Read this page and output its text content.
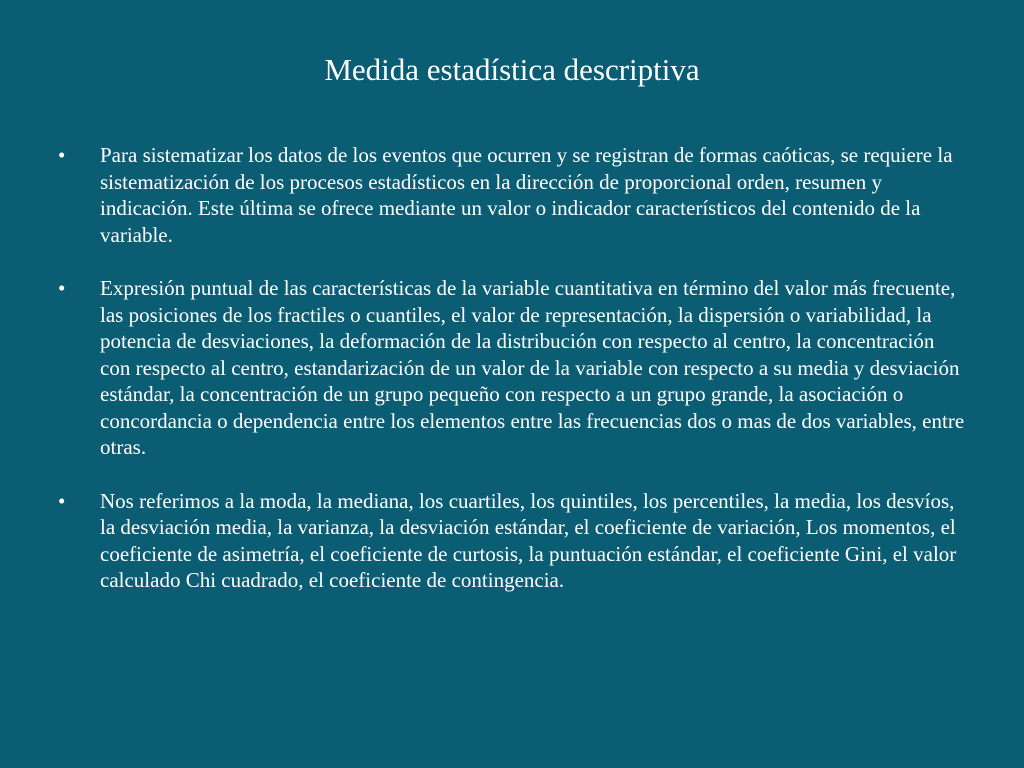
Medida estadística descriptiva
•	Para sistematizar los datos de los eventos que ocurren y se registran de formas caóticas, se requiere la sistematización de los procesos estadísticos en la dirección de proporcional orden, resumen y indicación. Este última se ofrece mediante un valor o indicador característicos del contenido de la variable.
•	Expresión puntual de las características de la variable cuantitativa en término del valor más frecuente, las posiciones de los fractiles o cuantiles, el valor de representación, la dispersión o variabilidad, la potencia de desviaciones, la deformación de la distribución con respecto al centro, la concentración con respecto al centro, estandarización de un valor de la variable con respecto a su media y desviación estándar, la concentración de un grupo pequeño con respecto a un grupo grande, la asociación o concordancia o dependencia entre los elementos entre las frecuencias dos o mas de dos variables, entre otras.
•	Nos referimos a la moda, la mediana, los cuartiles, los quintiles, los percentiles, la media, los desvíos, la desviación media, la varianza, la desviación estándar, el coeficiente de variación, Los momentos, el coeficiente de asimetría, el coeficiente de curtosis, la puntuación estándar, el coeficiente Gini, el valor calculado Chi cuadrado, el coeficiente de contingencia.
